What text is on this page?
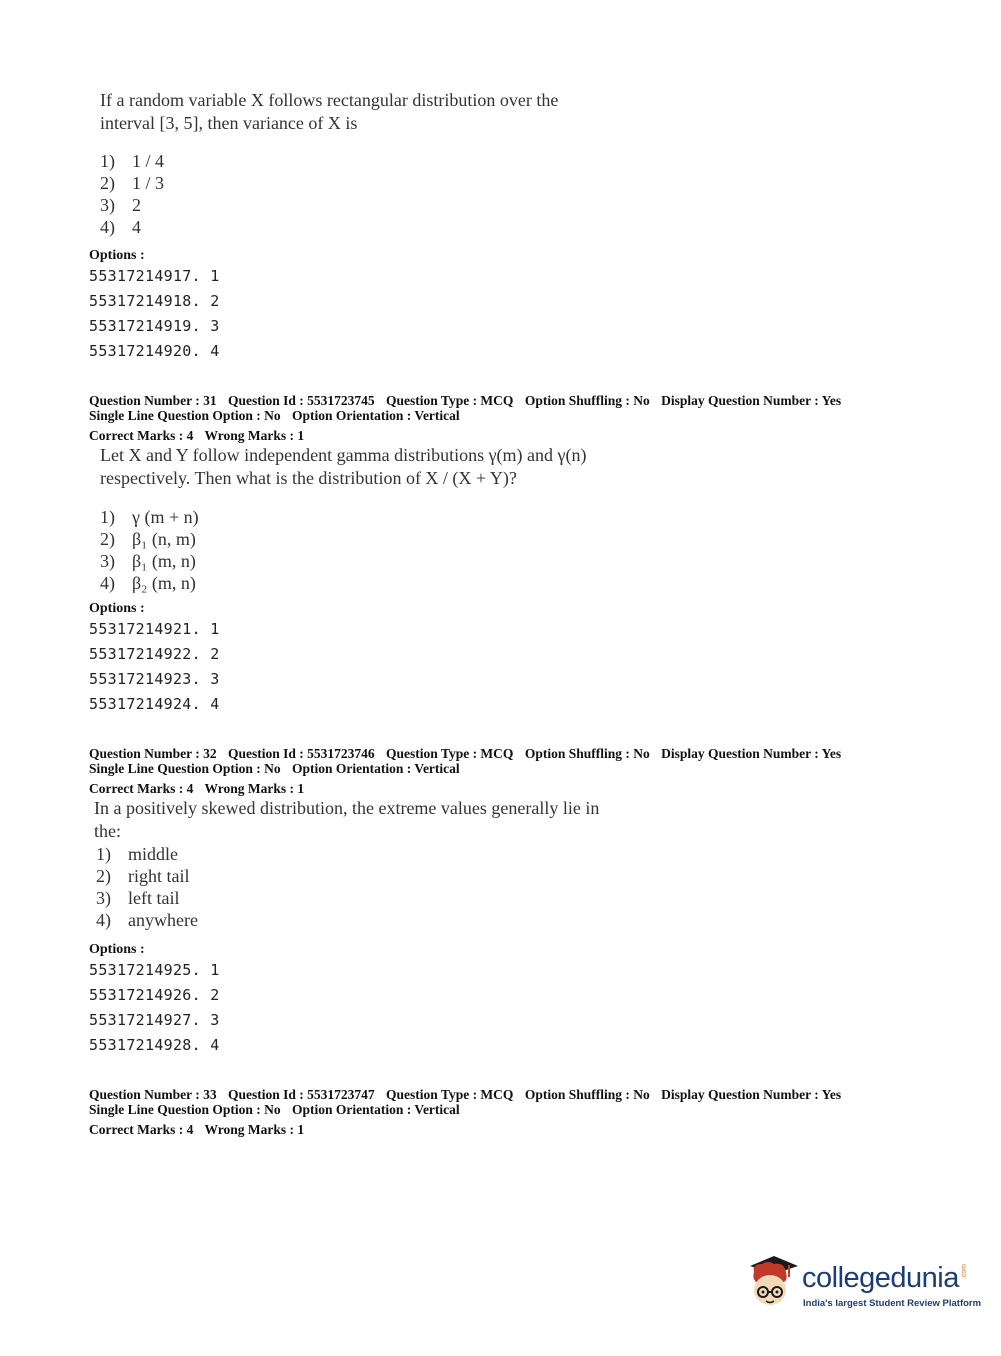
If a random variable X follows rectangular distribution over the

interval [3, 5], then variance of X is

1) 1 / 4
2) 1 / 3
3) 2
4) 4
Options :
55317214917. 1
55317214918. 2
55317214919. 3
55317214920. 4
Question Number : 31 Question Id : 5531723745 Question Type : MCQ Option Shuffling : No Display Question Number : Yes
Single Line Question Option : No Option Orientation : Vertical
Correct Marks : 4 Wrong Marks : 1

Let X and Y follow independent gamma distributions γ(m) and γ(n)

respectively. Then what is the distribution of X / (X + Y)?

1) γ (m + n)
2) β₁ (n, m)
3) β₁ (m, n)
4) β₂ (m, n)
Options :
55317214921. 1
55317214922. 2
55317214923. 3
55317214924. 4
Question Number : 32 Question Id : 5531723746 Question Type : MCQ Option Shuffling : No Display Question Number : Yes
Single Line Question Option : No Option Orientation : Vertical
Correct Marks : 4 Wrong Marks : 1

In a positively skewed distribution, the extreme values generally lie in

the:

1) middle
2) right tail
3) left tail
4) anywhere
Options :
55317214925. 1
55317214926. 2
55317214927. 3
55317214928. 4
Question Number : 33 Question Id : 5531723747 Question Type : MCQ Option Shuffling : No Display Question Number : Yes
Single Line Question Option : No Option Orientation : Vertical
Correct Marks : 4 Wrong Marks : 1
collegedunia .com
India's largest Student Review Platform
